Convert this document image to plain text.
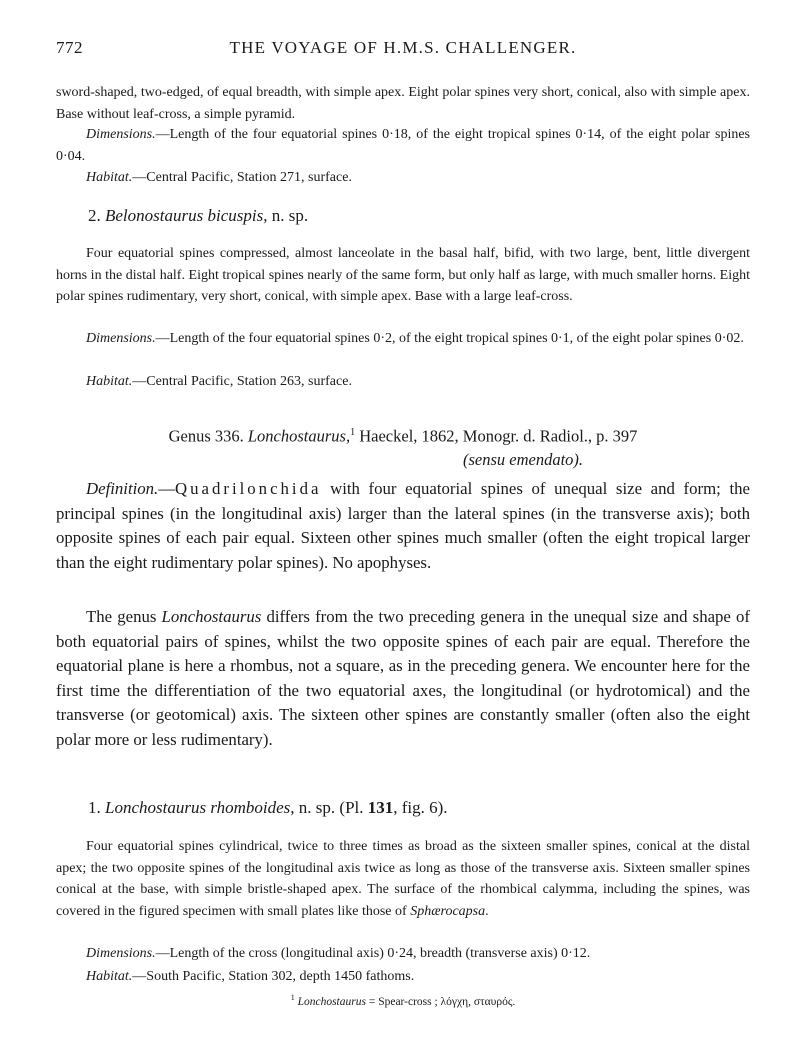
772	THE VOYAGE OF H.M.S. CHALLENGER.

sword-shaped, two-edged, of equal breadth, with simple apex. Eight polar spines very short, conical, also with simple apex. Base without leaf-cross, a simple pyramid.

Dimensions.—Length of the four equatorial spines 0·18, of the eight tropical spines 0·14, of the eight polar spines 0·04.

Habitat.—Central Pacific, Station 271, surface.

2. Belonostaurus bicuspis, n. sp.

Four equatorial spines compressed, almost lanceolate in the basal half, bifid, with two large, bent, little divergent horns in the distal half. Eight tropical spines nearly of the same form, but only half as large, with much smaller horns. Eight polar spines rudimentary, very short, conical, with simple apex. Base with a large leaf-cross.

Dimensions.—Length of the four equatorial spines 0·2, of the eight tropical spines 0·1, of the eight polar spines 0·02.

Habitat.—Central Pacific, Station 263, surface.

Genus 336. Lonchostaurus,$^1$ Haeckel, 1862, Monogr. d. Radiol., p. 397
(sensu emendato).

Definition.—Quadrilonchida with four equatorial spines of unequal size and form; the principal spines (in the longitudinal axis) larger than the lateral spines (in the transverse axis); both opposite spines of each pair equal. Sixteen other spines much smaller (often the eight tropical larger than the eight rudimentary polar spines). No apophyses.

The genus Lonchostaurus differs from the two preceding genera in the unequal size and shape of both equatorial pairs of spines, whilst the two opposite spines of each pair are equal. Therefore the equatorial plane is here a rhombus, not a square, as in the preceding genera. We encounter here for the first time the differentiation of the two equatorial axes, the longitudinal (or hydrotomical) and the transverse (or geotomical) axis. The sixteen other spines are constantly smaller (often also the eight polar more or less rudimentary).

1. Lonchostaurus rhomboides, n. sp. (Pl. 131, fig. 6).

Four equatorial spines cylindrical, twice to three times as broad as the sixteen smaller spines, conical at the distal apex; the two opposite spines of the longitudinal axis twice as long as those of the transverse axis. Sixteen smaller spines conical at the base, with simple bristle-shaped apex. The surface of the rhombical calymma, including the spines, was covered in the figured specimen with small plates like those of Sphærocapsa.

Dimensions.—Length of the cross (longitudinal axis) 0·24, breadth (transverse axis) 0·12.

Habitat.—South Pacific, Station 302, depth 1450 fathoms.

$^1$ Lonchostaurus = Spear-cross ; λόγχη, σταυρός.
